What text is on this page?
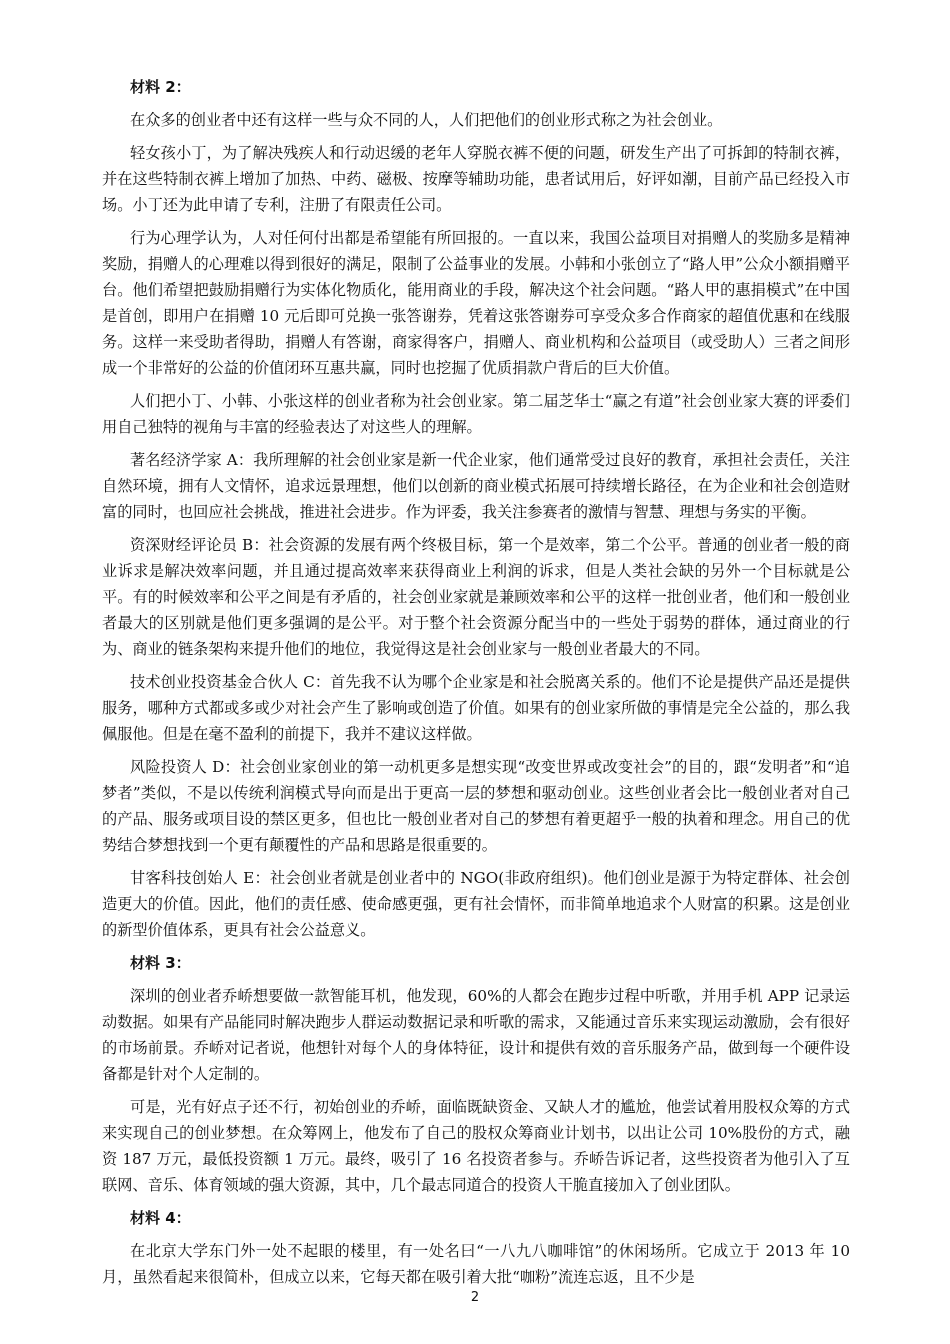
材料 2：

在众多的创业者中还有这样一些与众不同的人，人们把他们的创业形式称之为社会创业。

轻女孩小丁，为了解决残疾人和行动迟缓的老年人穿脱衣裤不便的问题，研发生产出了可拆卸的特制衣裤，并在这些特制衣裤上增加了加热、中药、磁极、按摩等辅助功能，患者试用后，好评如潮，目前产品已经投入市场。小丁还为此申请了专利，注册了有限责任公司。

行为心理学认为，人对任何付出都是希望能有所回报的。一直以来，我国公益项目对捐赠人的奖励多是精神奖励，捐赠人的心理难以得到很好的满足，限制了公益事业的发展。小韩和小张创立了“路人甲”公众小额捐赠平台。他们希望把鼓励捐赠行为实体化物质化，能用商业的手段，解决这个社会问题。“路人甲的惠捐模式”在中国是首创，即用户在捐赠 10 元后即可兑换一张答谢券，凭着这张答谢券可享受众多合作商家的超值优惠和在线服务。这样一来受助者得助，捐赠人有答谢，商家得客户，捐赠人、商业机构和公益项目（或受助人）三者之间形成一个非常好的公益的价值闭环互惠共赢，同时也挖掘了优质捐款户背后的巨大价值。

人们把小丁、小韩、小张这样的创业者称为社会创业家。第二届芝华士“赢之有道”社会创业家大赛的评委们用自己独特的视角与丰富的经验表达了对这些人的理解。

著名经济学家 A：我所理解的社会创业家是新一代企业家，他们通常受过良好的教育，承担社会责任，关注自然环境，拥有人文情怀，追求远景理想，他们以创新的商业模式拓展可持续增长路径，在为企业和社会创造财富的同时，也回应社会挑战，推进社会进步。作为评委，我关注参赛者的激情与智慧、理想与务实的平衡。

资深财经评论员 B：社会资源的发展有两个终极目标，第一个是效率，第二个公平。普通的创业者一般的商业诉求是解决效率问题，并且通过提高效率来获得商业上利润的诉求，但是人类社会缺的另外一个目标就是公平。有的时候效率和公平之间是有矛盾的，社会创业家就是兼顾效率和公平的这样一批创业者，他们和一般创业者最大的区别就是他们更多强调的是公平。对于整个社会资源分配当中的一些处于弱势的群体，通过商业的行为、商业的链条架构来提升他们的地位，我觉得这是社会创业家与一般创业者最大的不同。

技术创业投资基金合伙人 C：首先我不认为哪个企业家是和社会脱离关系的。他们不论是提供产品还是提供服务，哪种方式都或多或少对社会产生了影响或创造了价值。如果有的创业家所做的事情是完全公益的，那么我佩服他。但是在毫不盈利的前提下，我并不建议这样做。

风险投资人 D：社会创业家创业的第一动机更多是想实现“改变世界或改变社会”的目的，跟“发明者”和“追梦者”类似，不是以传统利润模式导向而是出于更高一层的梦想和驱动创业。这些创业者会比一般创业者对自己的产品、服务或项目设的禁区更多，但也比一般创业者对自己的梦想有着更超乎一般的执着和理念。用自己的优势结合梦想找到一个更有颠覆性的产品和思路是很重要的。

甘客科技创始人 E：社会创业者就是创业者中的 NGO(非政府组织)。他们创业是源于为特定群体、社会创造更大的价值。因此，他们的责任感、使命感更强，更有社会情怀，而非简单地追求个人财富的积累。这是创业的新型价值体系，更具有社会公益意义。

材料 3：

深圳的创业者乔峤想要做一款智能耳机，他发现，60%的人都会在跑步过程中听歌，并用手机 APP 记录运动数据。如果有产品能同时解决跑步人群运动数据记录和听歌的需求，又能通过音乐来实现运动激励，会有很好的市场前景。乔峤对记者说，他想针对每个人的身体特征，设计和提供有效的音乐服务产品，做到每一个硬件设备都是针对个人定制的。

可是，光有好点子还不行，初始创业的乔峤，面临既缺资金、又缺人才的尴尬，他尝试着用股权众筹的方式来实现自己的创业梦想。在众筹网上，他发布了自己的股权众筹商业计划书，以出让公司 10%股份的方式，融资 187 万元，最低投资额 1 万元。最终，吸引了 16 名投资者参与。乔峤告诉记者，这些投资者为他引入了互联网、音乐、体育领域的强大资源，其中，几个最志同道合的投资人干脆直接加入了创业团队。

材料 4：

在北京大学东门外一处不起眼的楼里，有一处名曰“一八九八咖啡馆”的休闲场所。它成立于 2013 年 10 月，虽然看起来很简朴，但成立以来，它每天都在吸引着大批“咖粉”流连忘返，且不少是

2
